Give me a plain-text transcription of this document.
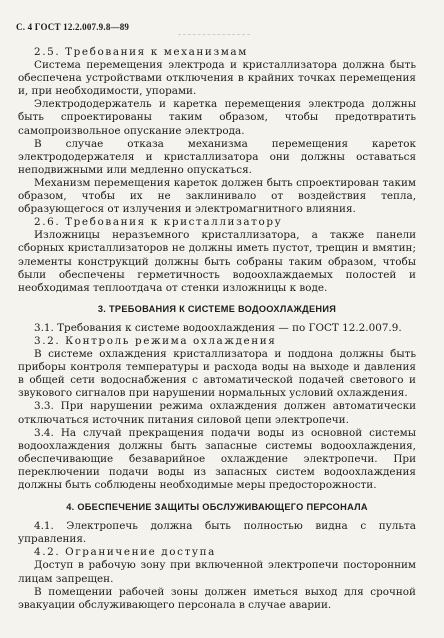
С. 4 ГОСТ 12.2.007.9.8—89

2.5. Требования к механизмам

Система перемещения электрода и кристаллизатора должна быть обеспечена устройствами отключения в крайних точках перемещения и, при необходимости, упорами.

Электрододержатель и каретка перемещения электрода должны быть спроектированы таким образом, чтобы предотвратить самопроизвольное опускание электрода.

В случае отказа механизма перемещения кареток электрододержателя и кристаллизатора они должны оставаться неподвижными или медленно опускаться.

Механизм перемещения кареток должен быть спроектирован таким образом, чтобы их не заклинивало от воздействия тепла, образующегося от излучения и электромагнитного влияния.

2.6. Требования к кристаллизатору

Изложницы неразъемного кристаллизатора, а также панели сборных кристаллизаторов не должны иметь пустот, трещин и вмятин; элементы конструкций должны быть собраны таким образом, чтобы были обеспечены герметичность водоохлаждаемых полостей и необходимая теплоотдача от стенки изложницы к воде.

3. ТРЕБОВАНИЯ К СИСТЕМЕ ВОДООХЛАЖДЕНИЯ

3.1. Требования к системе водоохлаждения — по ГОСТ 12.2.007.9.

3.2. Контроль режима охлаждения

В системе охлаждения кристаллизатора и поддона должны быть приборы контроля температуры и расхода воды на выходе и давления в общей сети водоснабжения с автоматической подачей светового и звукового сигналов при нарушении нормальных условий охлаждения.

3.3. При нарушении режима охлаждения должен автоматически отключаться источник питания силовой цепи электропечи.

3.4. На случай прекращения подачи воды из основной системы водоохлаждения должны быть запасные системы водоохлаждения, обеспечивающие безаварийное охлаждение электропечи. При переключении подачи воды из запасных систем водоохлаждения должны быть соблюдены необходимые меры предосторожности.

4. ОБЕСПЕЧЕНИЕ ЗАЩИТЫ ОБСЛУЖИВАЮЩЕГО ПЕРСОНАЛА

4.1. Электропечь должна быть полностью видна с пульта управления.

4.2. Ограничение доступа

Доступ в рабочую зону при включенной электропечи посторонним лицам запрещен.

В помещении рабочей зоны должен иметься выход для срочной эвакуации обслуживающего персонала в случае аварии.
